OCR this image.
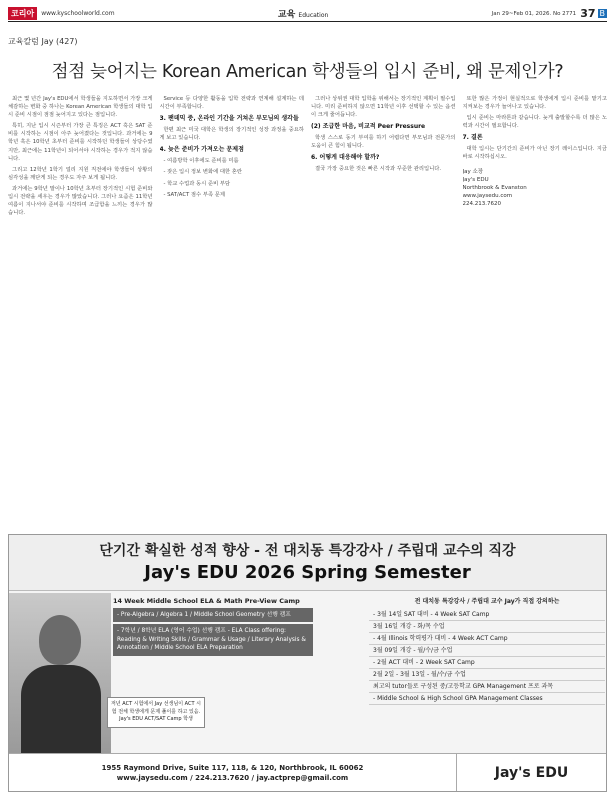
코리아	www.kyschoolworld.com	교육 Education	Jan 29~Feb 01, 2026. No 2771 37 B
교육칼럼 Jay (427)
점점 늦어지는 Korean American 학생들의 입시 준비, 왜 문제인가?

최근 몇 년간 Jay's EDU에서 학생들을 지도하면서 가장 크게 체감하는 변화 중 하나는 Korean American 학생들의 대학 입시 준비 시점이 점점 늦어지고 있다는 점입니다.

특히, 지난 입시 시즌부터 가장 큰 특징은 ACT 혹은 SAT 준비를 시작하는 시점이 아주 늦어졌다는 것입니다. 과거에는 9학년 혹은 10학년 초부터 준비를 시작하던 학생들이 상당수였지만, 최근에는 11학년이 되어서야 시작하는 경우가 적지 않습니다.

그리고 12학년 1학기 얼리 지원 직전에야 학생들이 상황의 심각성을 깨닫게 되는 경우도 자주 보게 됩니다.

과거에는 9학년 말이나 10학년 초부터 장기적인 시험 준비와 입시 전략을 세우는 경우가 많았습니다. 그러나 요즘은 11학년 여름이 지나서야 준비를 시작하며 조급함을 느끼는 경우가 많습니다.

Service 등 다양한 활동을 입학 전략과 연계해 설계하는 데 시간이 부족합니다.

3. 팬데믹 중, 온라인 기간을 거쳐온 부모님의 생각들

한편 최근 미국 대학은 학생의 장기적인 성장 과정을 중요하게 보고 있습니다.

4. 늦은 준비가 가져오는 문제점

- 여름방학 이후에도 준비를 미룸

- 잦은 입시 정보 변화에 대한 혼란

- 학교 수업과 동시 준비 부담

- SAT/ACT 점수 부족 문제

그러나 상위권 대학 입학을 위해서는 장기적인 계획이 필수입니다. 미리 준비하지 않으면 11학년 이후 선택할 수 있는 옵션이 크게 줄어듭니다.

(2) 조급한 마음, 비교적 Peer Pressure

학생 스스로 동기 부여를 하기 어렵다면 부모님과 전문가의 도움이 큰 힘이 됩니다.

6. 어떻게 대응해야 할까?

결국 가장 중요한 것은 빠른 시작과 꾸준한 관리입니다.

또한 많은 가정이 현실적으로 학생에게 입시 준비를 맡기고 지켜보는 경우가 늘어나고 있습니다.

입시 준비는 마라톤과 같습니다. 늦게 출발할수록 더 많은 노력과 시간이 필요합니다.

7. 결론

대학 입시는 단기간의 준비가 아닌 장기 레이스입니다. 지금 바로 시작하십시오.

Jay 소장
Jay's EDU
Northbrook & Evanston
www.jaysedu.com
224.213.7620
단기간 확실한 성적 향상 - 전 대치동 특강강사 / 주립대 교수의 직강
Jay's EDU 2026 Spring Semester
14 Week Middle School ELA & Math Pre-View Camp
- Pre-Algebra / Algebra 1 / Middle School Geometry 선행 캠프
- 7학년 / 8학년 ELA (영어 수업) 선행 캠프 - ELA Class offering: Reading & Writing Skills / Grammar & Usage / Literary Analysis & Annotation / Middle School ELA Preparation
저년 ACT 시험에서 Jay 선생님이 ACT 시험 전체 학생에게 문제 풀이를 하고 있음. Jay's EDU ACT/SAT Camp 학생
전 대치동 특강강사 / 주립대 교수 Jay가 직접 강의하는
- 3월 14일 SAT 대비 - 4 Week SAT Camp
3월 16일 개강 - 화/목 수업
- 4월 Illinois 학력평가 대비 - 4 Week ACT Camp
3월 09일 개강 - 월/수/금 수업
- 2월 ACT 대비 - 2 Week SAT Camp
2월 2일 - 3월 13일 - 월/수/금 수업
최고의 tutor들로 구성된 중/고등학교 GPA Management 프로 과목
- Middle School & High School GPA Management Classes
1955 Raymond Drive, Suite 117, 118, & 120, Northbrook, IL 60062
www.jaysedu.com / 224.213.7620 / jay.actprep@gmail.com	Jay's EDU
